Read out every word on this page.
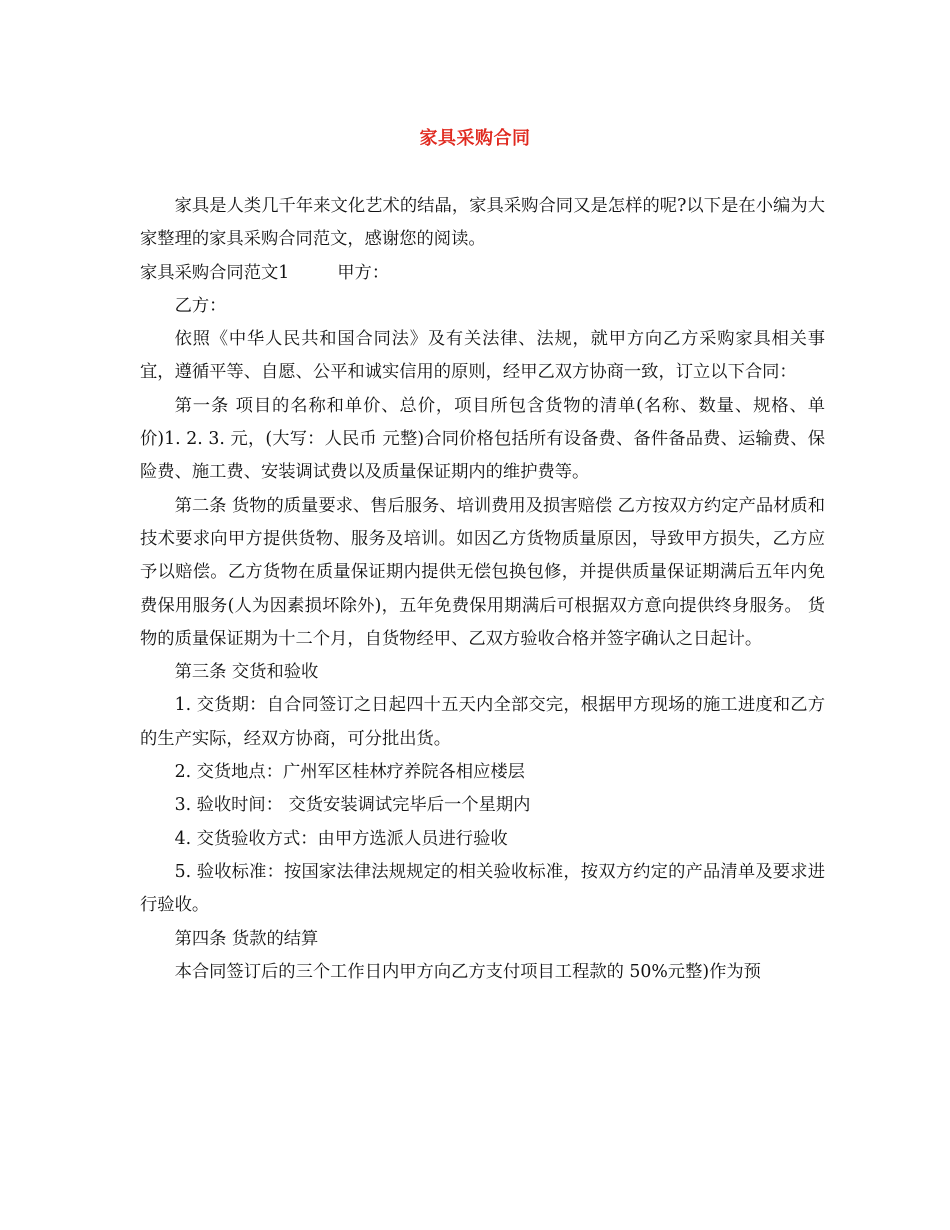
家具采购合同

家具是人类几千年来文化艺术的结晶，家具采购合同又是怎样的呢?以下是在小编为大家整理的家具采购合同范文，感谢您的阅读。

家具采购合同范文1	甲方：

乙方：

依照《中华人民共和国合同法》及有关法律、法规，就甲方向乙方采购家具相关事宜，遵循平等、自愿、公平和诚实信用的原则，经甲乙双方协商一致，订立以下合同：

第一条 项目的名称和单价、总价，项目所包含货物的清单(名称、数量、规格、单价)1. 2. 3. 元，(大写：人民币 元整)合同价格包括所有设备费、备件备品费、运输费、保险费、施工费、安装调试费以及质量保证期内的维护费等。

第二条 货物的质量要求、售后服务、培训费用及损害赔偿 乙方按双方约定产品材质和技术要求向甲方提供货物、服务及培训。如因乙方货物质量原因，导致甲方损失，乙方应予以赔偿。乙方货物在质量保证期内提供无偿包换包修，并提供质量保证期满后五年内免费保用服务(人为因素损坏除外)，五年免费保用期满后可根据双方意向提供终身服务。 货物的质量保证期为十二个月，自货物经甲、乙双方验收合格并签字确认之日起计。

第三条 交货和验收

1. 交货期：自合同签订之日起四十五天内全部交完，根据甲方现场的施工进度和乙方的生产实际，经双方协商，可分批出货。

2. 交货地点：广州军区桂林疗养院各相应楼层

3. 验收时间： 交货安装调试完毕后一个星期内

4. 交货验收方式：由甲方选派人员进行验收

5. 验收标准：按国家法律法规规定的相关验收标准，按双方约定的产品清单及要求进行验收。

第四条 货款的结算

本合同签订后的三个工作日内甲方向乙方支付项目工程款的 50%元整)作为预
